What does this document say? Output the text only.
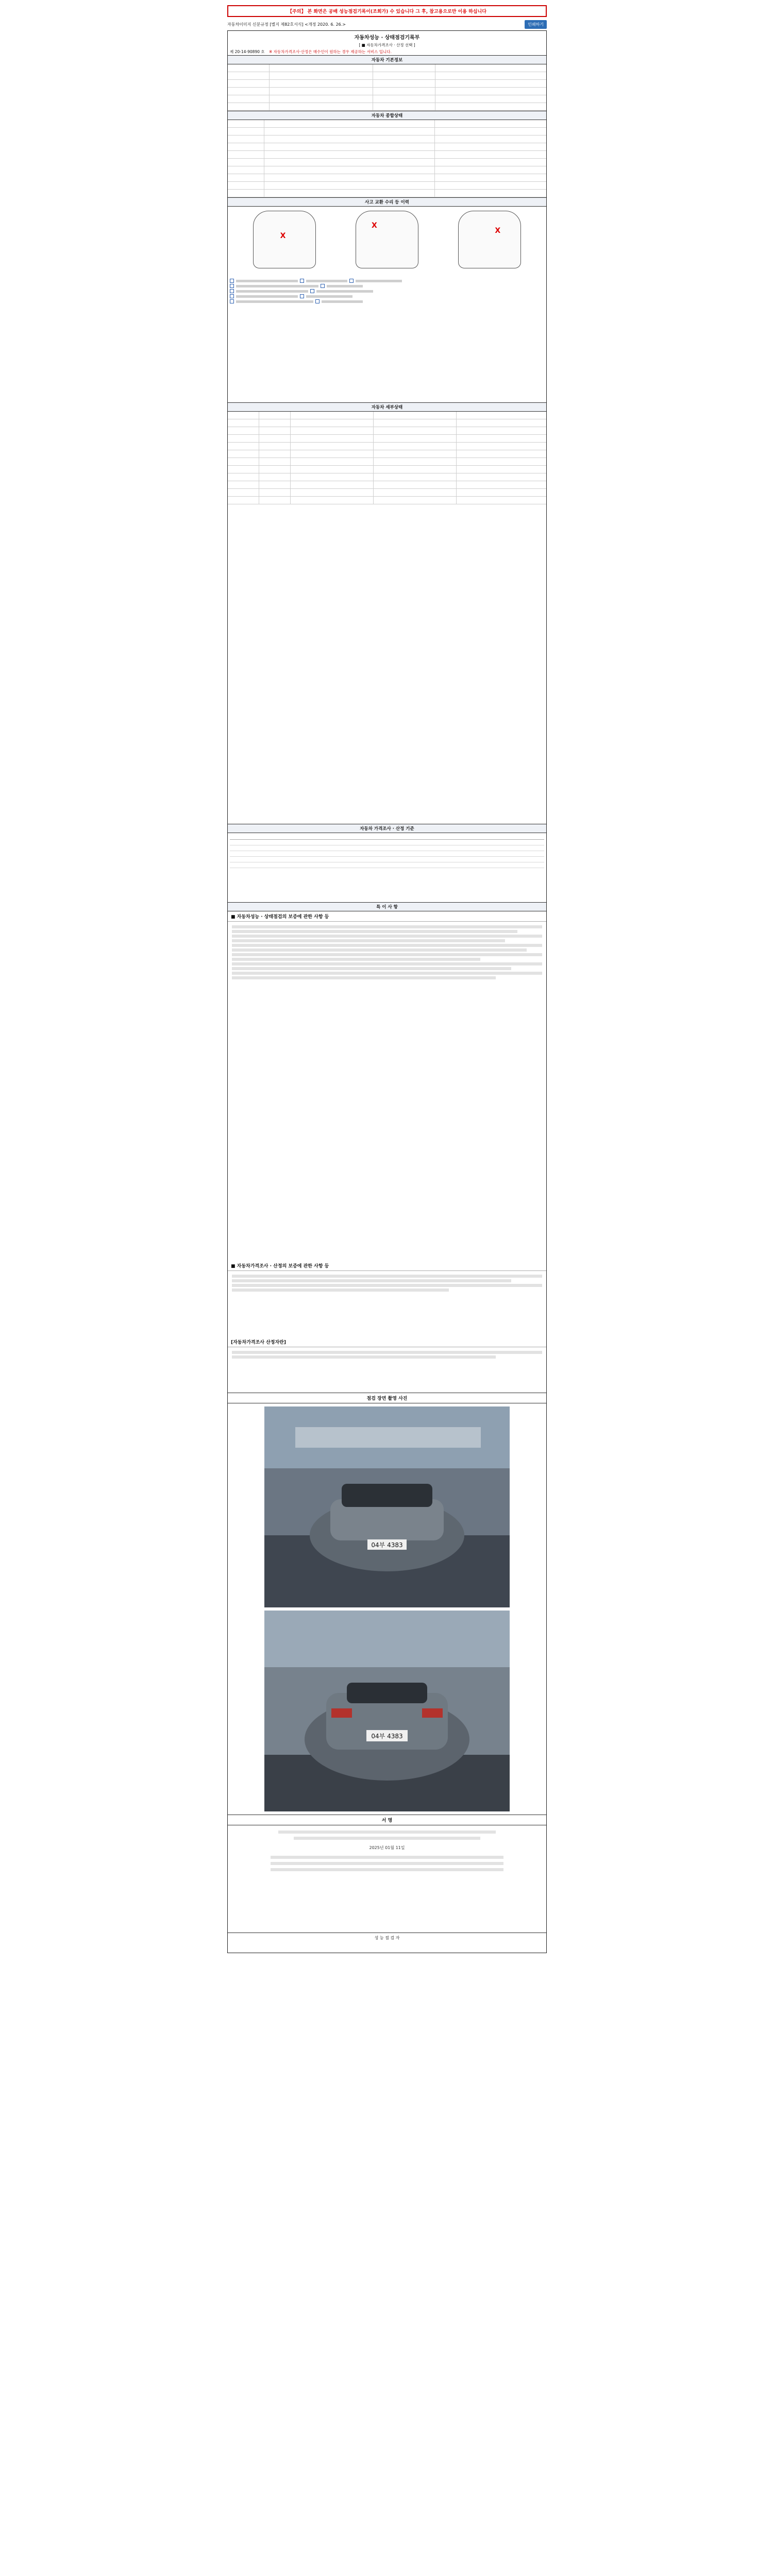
【주의】 본 화면은 공배 성능점검기록이(조회가) 수 있습니다 그 후, 참고용으로만 이용 하십니다
자동차이미지 신분규정 [별지 제82호서식] <개정 2020. 6. 26.>	인쇄하기
자동차성능 · 상태점검기록부
[ ■ 자동차가격조사 · 산정 선택 ]
제 20-14-90890 호 ※ 자동차가격조사·산정은 매수인이 원하는 경우 제공하는 서비스 입니다.
자동차 기본정보
자동차 종합상태
사고 교환 수리 등 이력
X
X
X
자동차 세부상태
자동차 가격조사 · 산정 기준
특 이 사 항
■ 자동차성능 · 상태점검의 보증에 관한 사항 등
■ 자동차가격조사 · 산정의 보증에 관한 사항 등
[자동차가격조사 산정자란]
점검 장면 촬영 사진
04부 4383
04부 4383
서 명
2025년 01월 11일
성 능 점 검 자
